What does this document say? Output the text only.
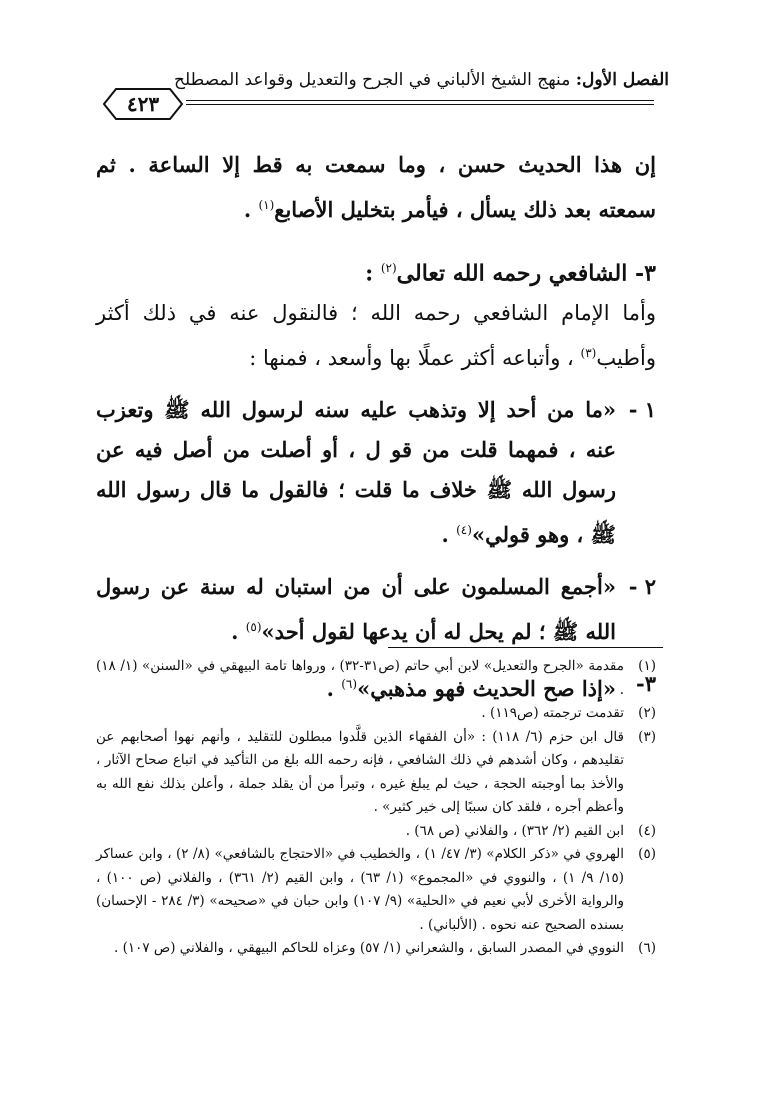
الفصل الأول: منهج الشيخ الألباني في الجرح والتعديل وقواعد المصطلح
٤٢٣

إن هذا الحديث حسن ، وما سمعت به قط إلا الساعة . ثم سمعته بعد ذلك يسأل ، فيأمر بتخليل الأصابع$^{(١)}$ .

٣- الشافعي رحمه الله تعالى$^{(٢)}$ :

وأما الإمام الشافعي رحمه الله ؛ فالنقول عنه في ذلك أكثر وأطيب$^{(٣)}$ ، وأتباعه أكثر عملًا بها وأسعد ، فمنها :

١ -
«ما من أحد إلا وتذهب عليه سنه لرسول الله ﷺ وتعزب عنه ، فمهما قلت من قو ل ، أو أصلت من أصل فيه عن رسول الله ﷺ خلاف ما قلت ؛ فالقول ما قال رسول الله ﷺ ، وهو قولي»$^{(٤)}$ .
٢ -
«أجمع المسلمون على أن من استبان له سنة عن رسول الله ﷺ ؛ لم يحل له أن يدعها لقول أحد»$^{(٥)}$ .
٣-
«إذا صح الحديث فهو مذهبي»$^{(٦)}$ .
(١)
مقدمة «الجرح والتعديل» لابن أبي حاتم (ص٣١-٣٢) ، ورواها تامة البيهقي في «السنن» (١/ ١٨) .
(٢)
تقدمت ترجمته (ص١١٩) .
(٣)
قال ابن حزم (٦/ ١١٨) : «أن الفقهاء الذين قلَّدوا مبطلون للتقليد ، وأنهم نهوا أصحابهم عن تقليدهم ، وكان أشدهم في ذلك الشافعي ، فإنه رحمه الله بلغ من التأكيد في اتباع صحاح الآثار ، والأخذ بما أوجبته الحجة ، حيث لم يبلغ غيره ، وتبرأ من أن يقلد جملة ، وأعلن بذلك نفع الله به وأعظم أجره ، فلقد كان سببًا إلى خير كثير» .
(٤)
ابن القيم (٢/ ٣٦٢) ، والفلاني (ص ٦٨) .
(٥)
الهروي في «ذكر الكلام» (٣/ ٤٧/ ١) ، والخطيب في «الاحتجاج بالشافعي» (٨/ ٢) ، وابن عساكر (١٥/ ٩/ ١) ، والنووي في «المجموع» (١/ ٦٣) ، وابن القيم (٢/ ٣٦١) ، والفلاني (ص ١٠٠) ، والرواية الأخرى لأبي نعيم في «الحلية» (٩/ ١٠٧) وابن حبان في «صحيحه» (٣/ ٢٨٤ - الإحسان) بسنده الصحيح عنه نحوه . (الألباني) .
(٦)
النووي في المصدر السابق ، والشعراني (١/ ٥٧) وعزاه للحاكم البيهقي ، والفلاني (ص ١٠٧) .
